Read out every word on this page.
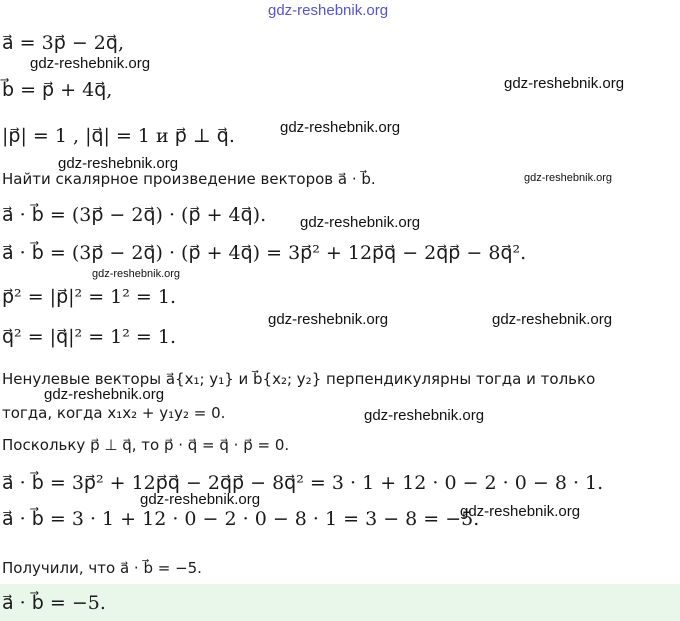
gdz-reshebnik.org
a⃗ = 3p⃗ − 2q⃗,
gdz-reshebnik.org
b⃗ = p⃗ + 4q⃗,	gdz-reshebnik.org
|p⃗| = 1 , |q⃗| = 1 и p⃗ ⊥ q⃗.	gdz-reshebnik.org
gdz-reshebnik.org
Найти скалярное произведение векторов a⃗ · b⃗.	gdz-reshebnik.org
a⃗ · b⃗ = (3p⃗ − 2q⃗) · (p⃗ + 4q⃗). gdz-reshebnik.org
a⃗ · b⃗ = (3p⃗ − 2q⃗) · (p⃗ + 4q⃗) = 3p⃗² + 12p⃗q⃗ − 2q⃗p⃗ − 8q⃗².
gdz-reshebnik.org
p⃗² = |p⃗|² = 1² = 1.
q⃗² = |q⃗|² = 1² = 1.
gdz-reshebnik.org	gdz-reshebnik.org
Ненулевые векторы a⃗{x₁; y₁} и b⃗{x₂; y₂} перпендикулярны тогда и только
gdz-reshebnik.org
тогда, когда x₁x₂ + y₁y₂ = 0.	gdz-reshebnik.org
Поскольку p⃗ ⊥ q⃗, то p⃗ · q⃗ = q⃗ · p⃗ = 0.
a⃗ · b⃗ = 3p⃗² + 12p⃗q⃗ − 2q⃗p⃗ − 8q⃗² = 3 · 1 + 12 · 0 − 2 · 0 − 8 · 1.
gdz-reshebnik.org
a⃗ · b⃗ = 3 · 1 + 12 · 0 − 2 · 0 − 8 · 1 = 3 − 8 = −5.
gdz-reshebnik.org
Получили, что a⃗ · b⃗ = −5.
a⃗ · b⃗ = −5.
